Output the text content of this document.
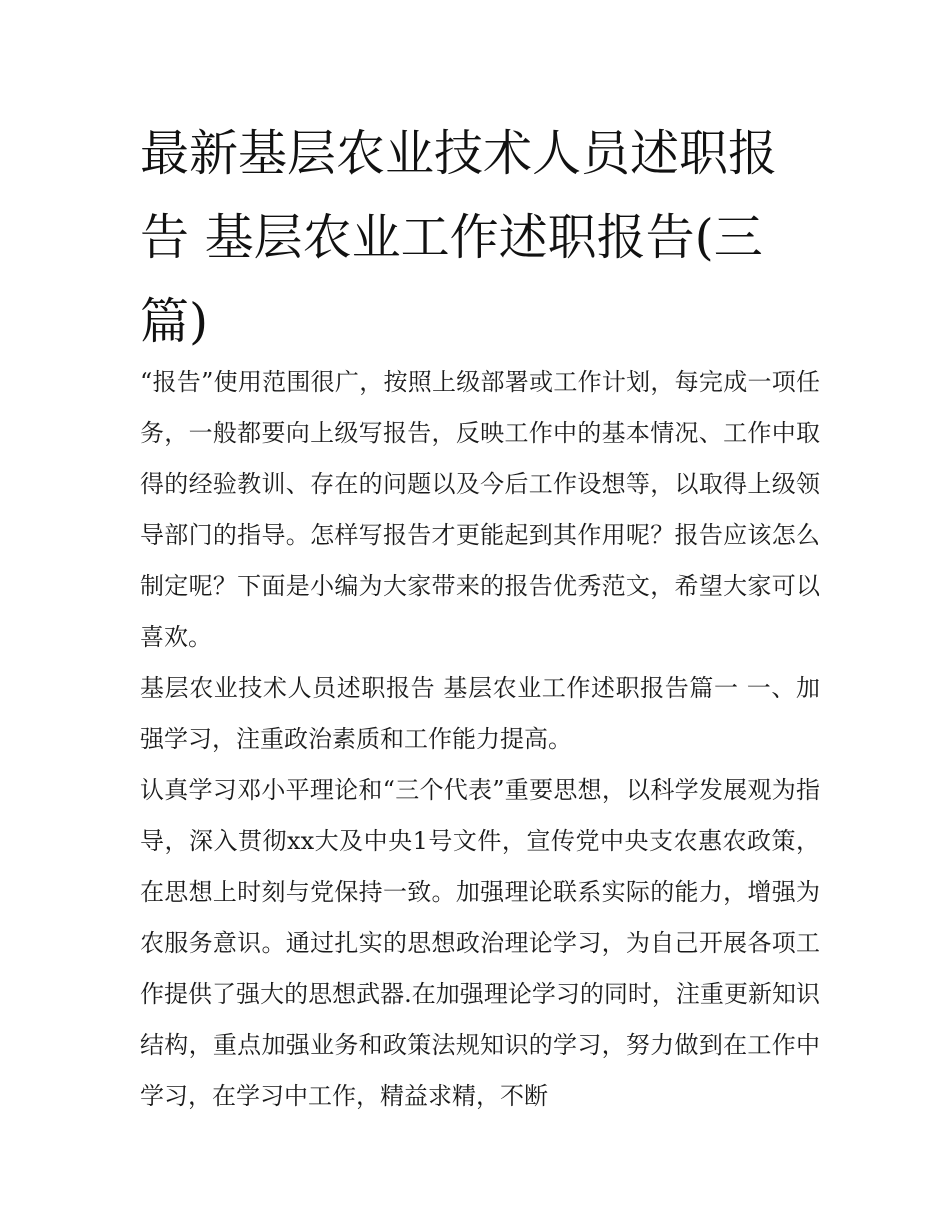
最新基层农业技术人员述职报告 基层农业工作述职报告(三篇)

“报告”使用范围很广，按照上级部署或工作计划，每完成一项任务，一般都要向上级写报告，反映工作中的基本情况、工作中取得的经验教训、存在的问题以及今后工作设想等，以取得上级领导部门的指导。怎样写报告才更能起到其作用呢？报告应该怎么制定呢？下面是小编为大家带来的报告优秀范文，希望大家可以喜欢。

基层农业技术人员述职报告 基层农业工作述职报告篇一 一、加强学习，注重政治素质和工作能力提高。

认真学习邓小平理论和“三个代表”重要思想，以科学发展观为指导，深入贯彻xx大及中央1号文件，宣传党中央支农惠农政策，在思想上时刻与党保持一致。加强理论联系实际的能力，增强为农服务意识。通过扎实的思想政治理论学习，为自己开展各项工作提供了强大的思想武器.在加强理论学习的同时，注重更新知识结构，重点加强业务和政策法规知识的学习，努力做到在工作中学习，在学习中工作，精益求精，不断
